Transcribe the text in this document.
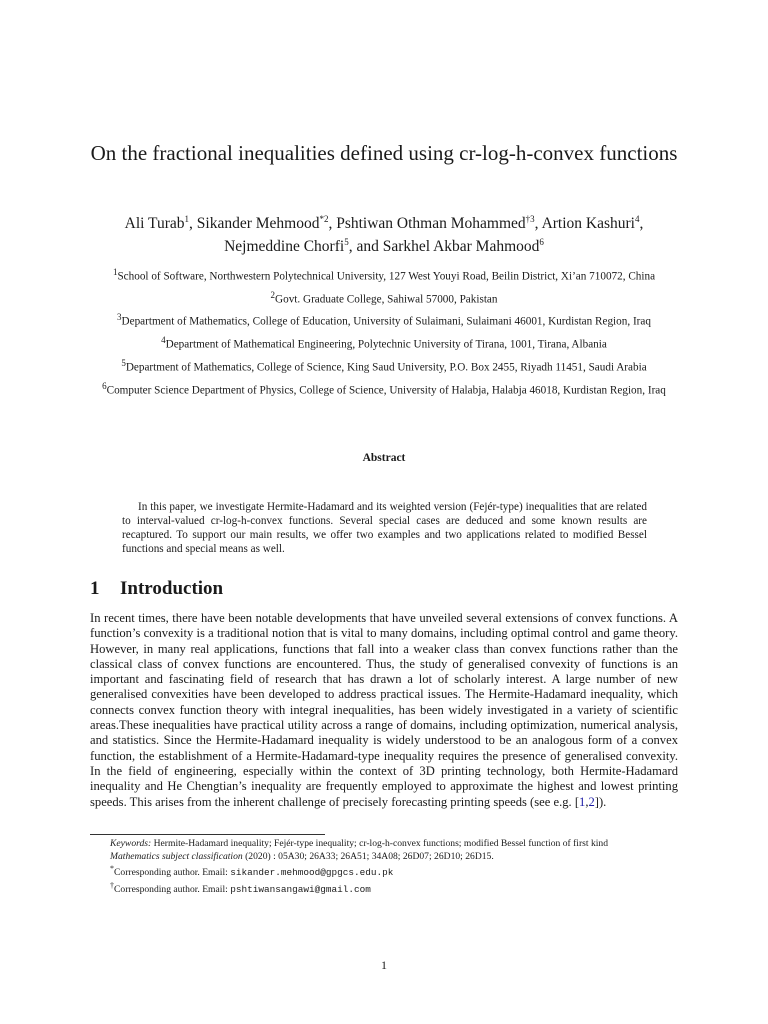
On the fractional inequalities defined using cr-log-h-convex functions
Ali Turab$^1$, Sikander Mehmood$^{*2}$, Pshtiwan Othman Mohammed$^{\dagger 3}$, Artion Kashuri$^4$,
Nejmeddine Chorfi$^5$, and Sarkhel Akbar Mahmood$^6$
$^1$School of Software, Northwestern Polytechnical University, 127 West Youyi Road, Beilin District, Xi’an 710072, China
$^2$Govt. Graduate College, Sahiwal 57000, Pakistan
$^3$Department of Mathematics, College of Education, University of Sulaimani, Sulaimani 46001, Kurdistan Region, Iraq
$^4$Department of Mathematical Engineering, Polytechnic University of Tirana, 1001, Tirana, Albania
$^5$Department of Mathematics, College of Science, King Saud University, P.O. Box 2455, Riyadh 11451, Saudi Arabia
$^6$Computer Science Department of Physics, College of Science, University of Halabja, Halabja 46018, Kurdistan Region, Iraq
Abstract
In this paper, we investigate Hermite-Hadamard and its weighted version (Fejér-type) inequalities that are related to interval-valued cr-log-h-convex functions. Several special cases are deduced and some known results are recaptured. To support our main results, we offer two examples and two applications related to modified Bessel functions and special means as well.
1 Introduction
In recent times, there have been notable developments that have unveiled several extensions of convex functions. A function’s convexity is a traditional notion that is vital to many domains, including optimal control and game theory. However, in many real applications, functions that fall into a weaker class than convex functions rather than the classical class of convex functions are encountered. Thus, the study of generalised convexity of functions is an important and fascinating field of research that has drawn a lot of scholarly interest. A large number of new generalised convexities have been developed to address practical issues. The Hermite-Hadamard inequality, which connects convex function theory with integral inequalities, has been widely investigated in a variety of scientific areas.These inequalities have practical utility across a range of domains, including optimization, numerical analysis, and statistics. Since the Hermite-Hadamard inequality is widely understood to be an analogous form of a convex function, the establishment of a Hermite-Hadamard-type inequality requires the presence of generalised convexity. In the field of engineering, especially within the context of 3D printing technology, both Hermite-Hadamard inequality and He Chengtian’s inequality are frequently employed to approximate the highest and lowest printing speeds. This arises from the inherent challenge of precisely forecasting printing speeds (see e.g. [1,2]).
Keywords: Hermite-Hadamard inequality; Fejér-type inequality; cr-log-h-convex functions; modified Bessel function of first kind
Mathematics subject classification (2020) : 05A30; 26A33; 26A51; 34A08; 26D07; 26D10; 26D15.
*Corresponding author. Email: sikander.mehmood@gpgcs.edu.pk
†Corresponding author. Email: pshtiwansangawi@gmail.com
1
